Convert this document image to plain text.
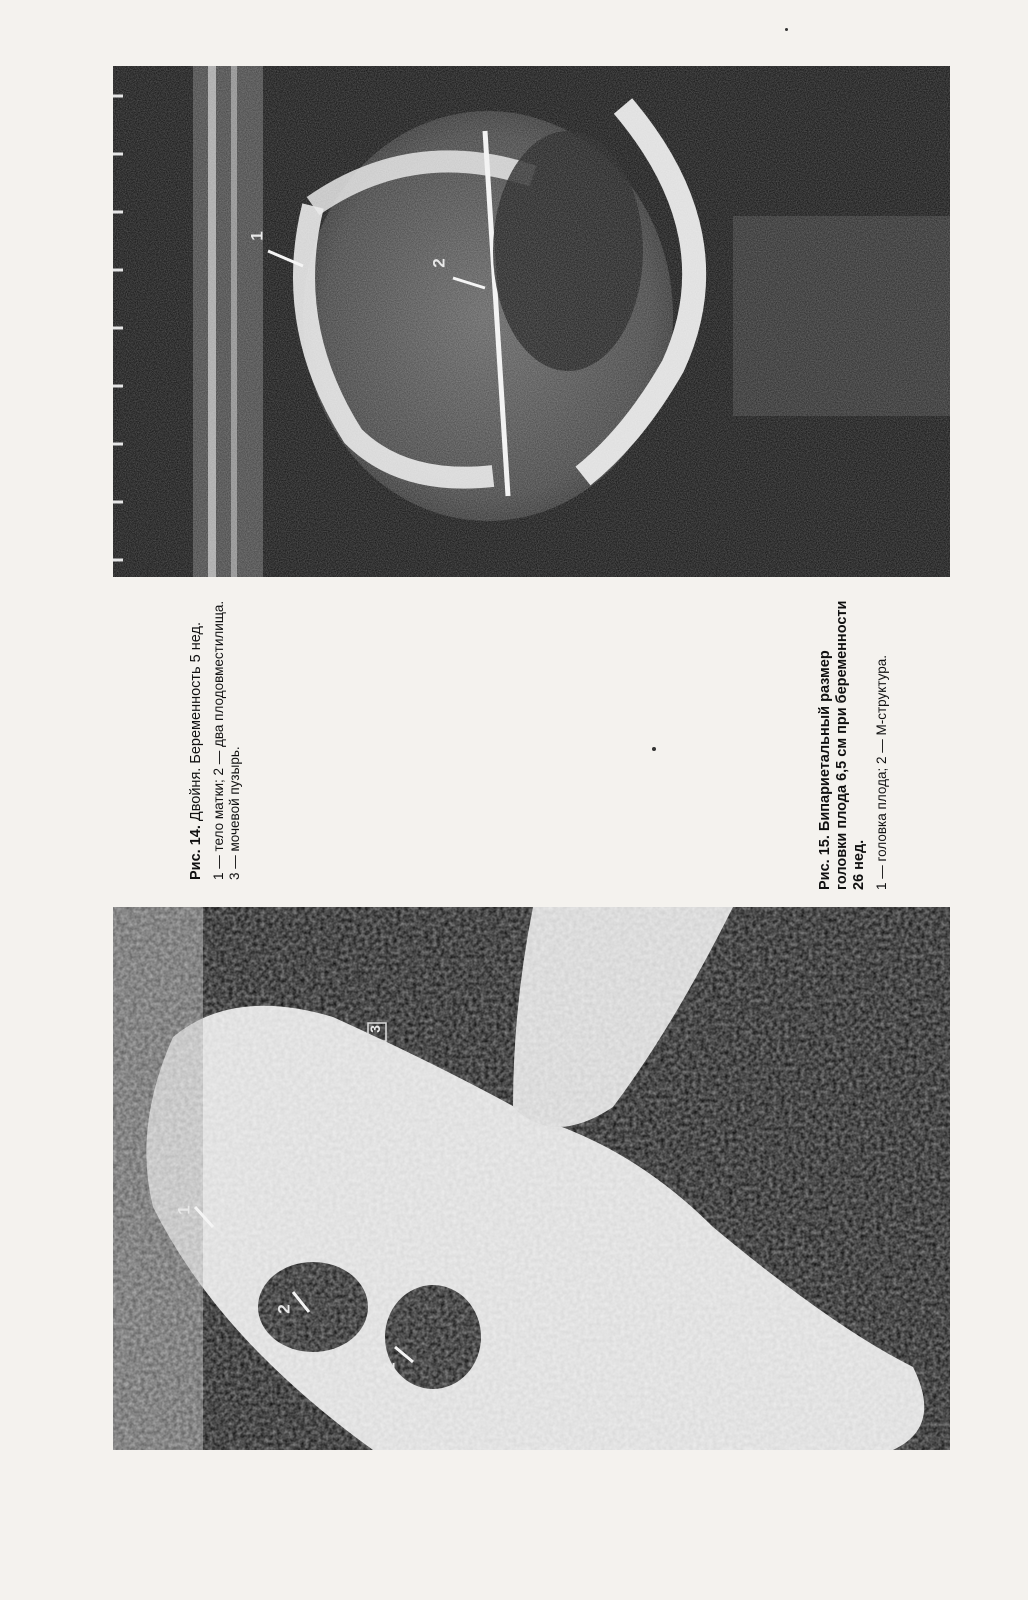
1
2
1
2
2
3

Рис. 14. Двойня. Беременность 5 нед. 1 — тело матки; 2 — два плодовместилища. 3 — мочевой пузырь.	Рис. 15. Бипариетальный размер головки плода 6,5 см при беременности 26 нед. 1 — головка плода; 2 — М-структура.
